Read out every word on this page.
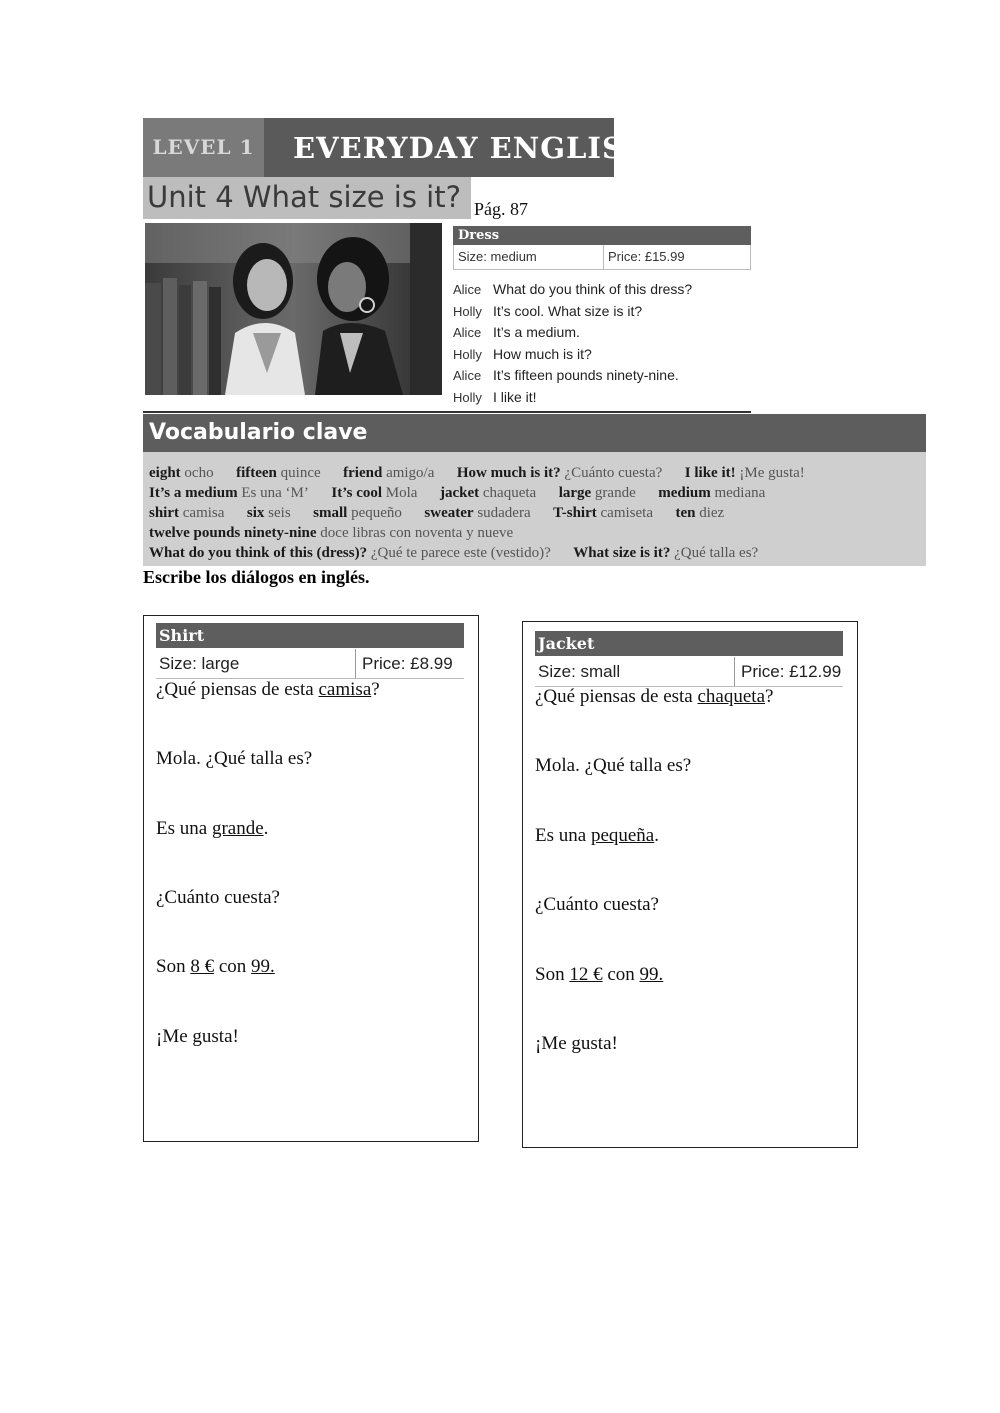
LEVEL 1	EVERYDAY ENGLISH
Unit 4 What size is it? Pág. 87
Dress
Size: medium	Price: £15.99
Alice What do you think of this dress?
Holly It’s cool. What size is it?
Alice It’s a medium.
Holly How much is it?
Alice It’s fifteen pounds ninety-nine.
Holly I like it!
Vocabulario clave
eight ocho fifteen quince friend amigo/a How much is it? ¿Cuánto cuesta? I like it! ¡Me gusta!
It’s a medium Es una ‘M’ It’s cool Mola jacket chaqueta large grande medium mediana
shirt camisa six seis small pequeño sweater sudadera T-shirt camiseta ten diez
twelve pounds ninety-nine doce libras con noventa y nueve
What do you think of this (dress)? ¿Qué te parece este (vestido)? What size is it? ¿Qué talla es?
Escribe los diálogos en inglés.
Shirt
Size: large	Price: £8.99
¿Qué piensas de esta camisa?
Mola. ¿Qué talla es?
Es una grande.
¿Cuánto cuesta?
Son 8 € con 99.
¡Me gusta!
Jacket
Size: small	Price: £12.99
¿Qué piensas de esta chaqueta?
Mola. ¿Qué talla es?
Es una pequeña.
¿Cuánto cuesta?
Son 12 € con 99.
¡Me gusta!
